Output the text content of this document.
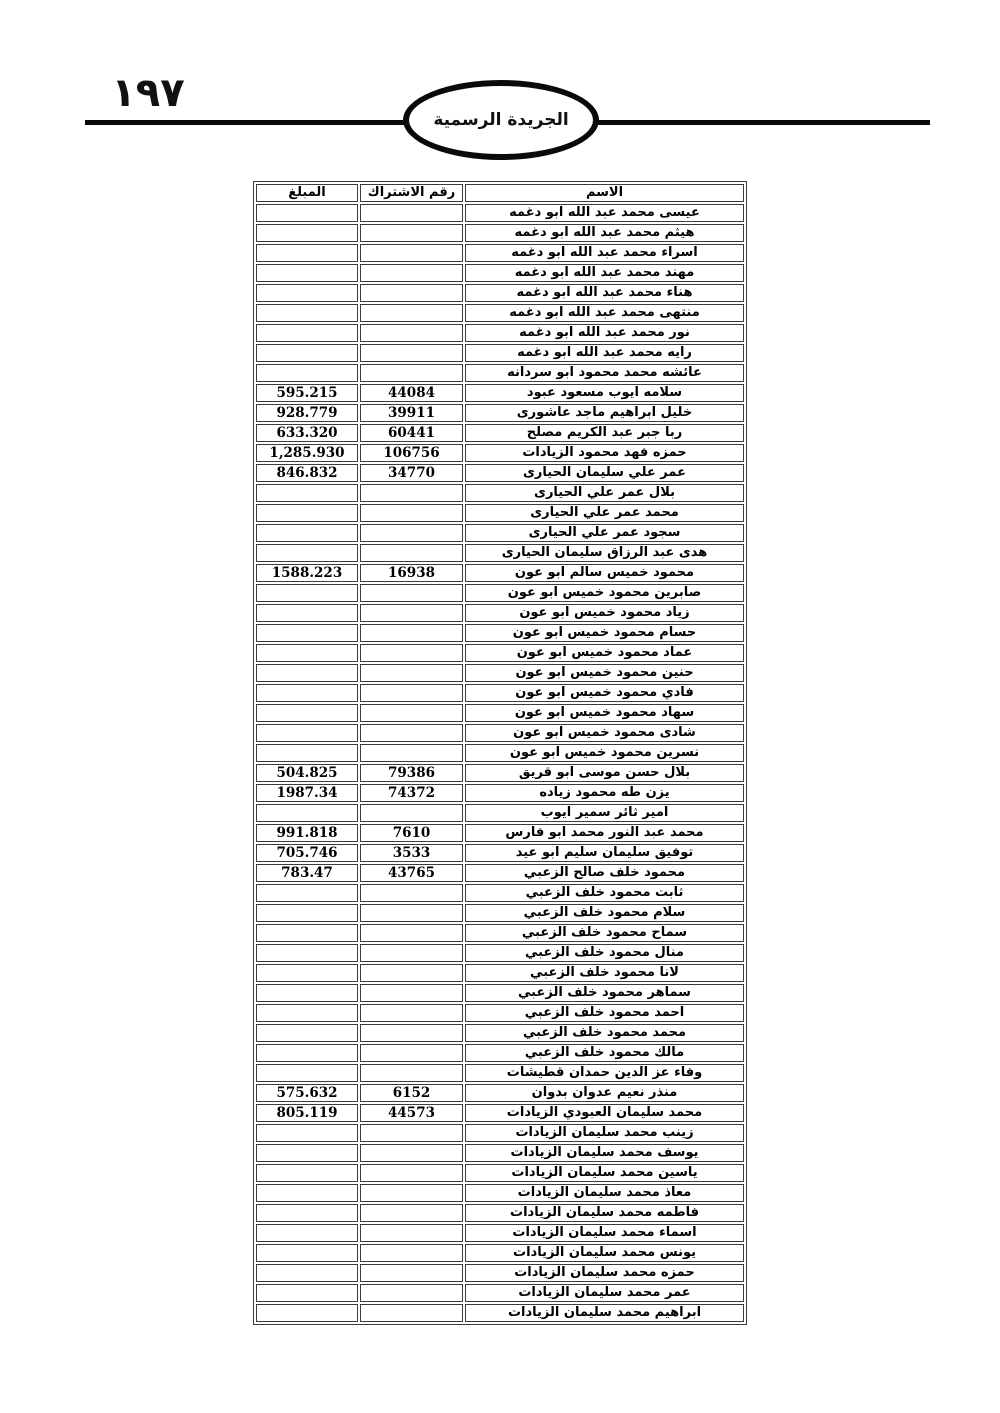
١٩٧
الجريدة الرسمية
الاسم	رقم الاشتراك	المبلغ
عيسى محمد عبد الله ابو دغمه		
هيثم محمد عبد الله ابو دغمه		
اسراء محمد عبد الله ابو دغمه		
مهند محمد عبد الله ابو دغمه		
هناء محمد عبد الله ابو دغمه		
منتهى محمد عبد الله ابو دغمه		
نور محمد عبد الله ابو دغمه		
رايه محمد عبد الله ابو دغمه		
عائشه محمد محمود ابو سردانه		
سلامه ايوب مسعود عبود	44084	595.215
خليل ابراهيم ماجد عاشورى	39911	928.779
ربا جبر عبد الكريم مصلح	60441	633.320
حمزه فهد محمود الزيادات	106756	1,285.930
عمر علي سليمان الحيارى	34770	846.832
بلال عمر علي الحيارى		
محمد عمر علي الحيارى		
سجود عمر علي الحيارى		
هدى عبد الرزاق سليمان الحيارى		
محمود خميس سالم ابو عون	16938	1588.223
صابرين محمود خميس ابو عون		
زياد محمود خميس ابو عون		
حسام محمود خميس ابو عون		
عماد محمود خميس ابو عون		
حنين محمود خميس ابو عون		
فادي محمود خميس ابو عون		
سهاد محمود خميس ابو عون		
شادى محمود خميس ابو عون		
نسرين محمود خميس ابو عون		
بلال حسن موسى ابو قريق	79386	504.825
يزن طه محمود زياده	74372	1987.34
امير ثائر سمير ايوب		
محمد عبد النور محمد ابو فارس	7610	991.818
توفيق سليمان سليم ابو عيد	3533	705.746
محمود خلف صالح الزعبي	43765	783.47
ثابت محمود خلف الزعبي		
سلام محمود خلف الزعبي		
سماح محمود خلف الزعبي		
منال محمود خلف الزعبي		
لانا محمود خلف الزعبي		
سماهر محمود خلف الزعبي		
احمد محمود خلف الزعبي		
محمد محمود خلف الزعبي		
مالك محمود خلف الزعبي		
وفاء عز الدين حمدان قطيشات		
منذر نعيم عدوان بدوان	6152	575.632
محمد سليمان العبودي الزيادات	44573	805.119
زينب محمد سليمان الزيادات		
يوسف محمد سليمان الزيادات		
ياسين محمد سليمان الزيادات		
معاذ محمد سليمان الزيادات		
فاطمه محمد سليمان الزيادات		
اسماء محمد سليمان الزيادات		
يونس محمد سليمان الزيادات		
حمزه محمد سليمان الزيادات		
عمر محمد سليمان الزيادات		
ابراهيم محمد سليمان الزيادات		
